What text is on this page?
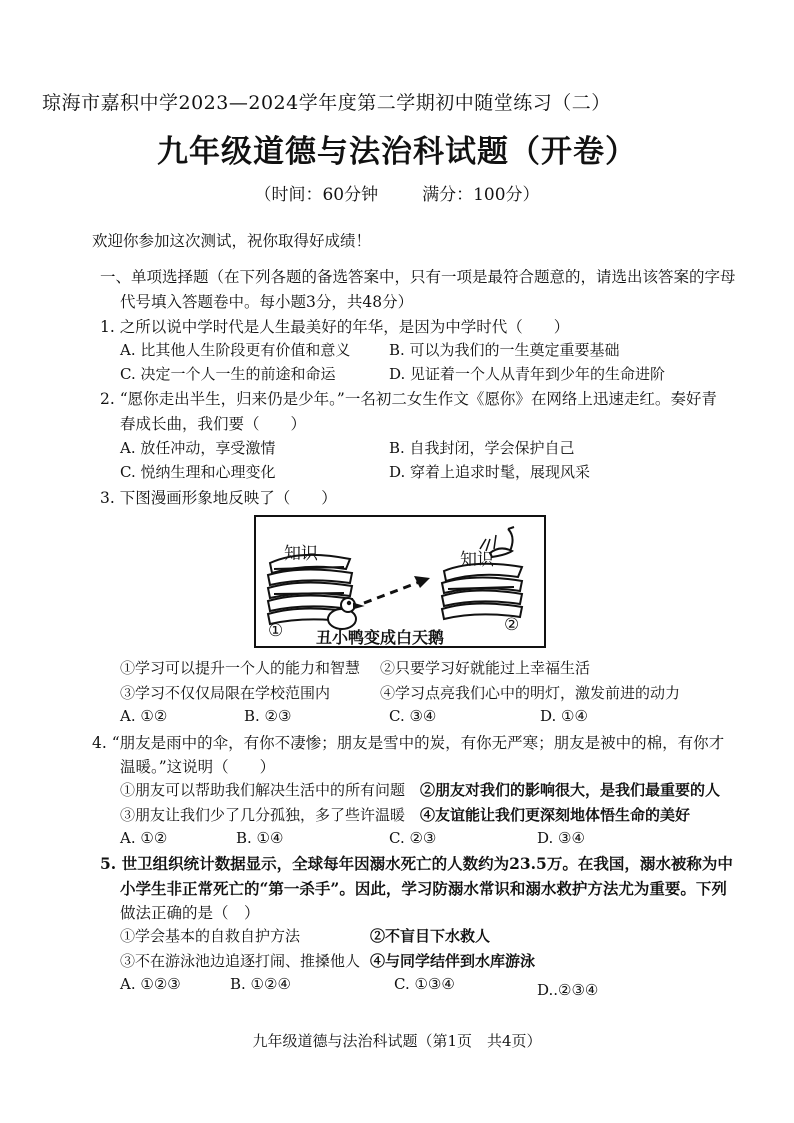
琼海市嘉积中学2023—2024学年度第二学期初中随堂练习（二）
九年级道德与法治科试题（开卷）
（时间：60分钟	满分：100分）
欢迎你参加这次测试，祝你取得好成绩！
一、单项选择题（在下列各题的备选答案中，只有一项是最符合题意的，请选出该答案的字母
代号填入答题卷中。每小题3分，共48分）
1. 之所以说中学时代是人生最美好的年华，是因为中学时代（　　）
A. 比其他人生阶段更有价值和意义	B. 可以为我们的一生奠定重要基础
C. 决定一个人一生的前途和命运	D. 见证着一个人从青年到少年的生命进阶
2. “愿你走出半生，归来仍是少年。”一名初二女生作文《愿你》在网络上迅速走红。奏好青
春成长曲，我们要（　　）
A. 放任冲动，享受激情	B. 自我封闭，学会保护自己
C. 悦纳生理和心理变化	D. 穿着上追求时髦，展现风采
3. 下图漫画形象地反映了（　　）
知识	知识
①	②
丑小鸭变成白天鹅
①学习可以提升一个人的能力和智慧 ②只要学习好就能过上幸福生活
③学习不仅仅局限在学校范围内	④学习点亮我们心中的明灯，激发前进的动力
A. ①②	B. ②③	C. ③④	D. ①④
4. “朋友是雨中的伞，有你不凄惨；朋友是雪中的炭，有你无严寒；朋友是被中的棉，有你才
温暖。”这说明（　　）
①朋友可以帮助我们解决生活中的所有问题 ②朋友对我们的影响很大，是我们最重要的人
③朋友让我们少了几分孤独，多了些许温暖 ④友谊能让我们更深刻地体悟生命的美好
A. ①②	B. ①④	C. ②③	D. ③④
5. 世卫组织统计数据显示，全球每年因溺水死亡的人数约为23.5万。在我国，溺水被称为中
小学生非正常死亡的“第一杀手”。因此，学习防溺水常识和溺水救护方法尤为重要。下列
做法正确的是（　）
①学会基本的自救自护方法	②不盲目下水救人
③不在游泳池边追逐打闹、推搡他人 ④与同学结伴到水库游泳
A. ①②③	B. ①②④	C. ①③④	D..②③④
九年级道德与法治科试题（第1页　共4页）
